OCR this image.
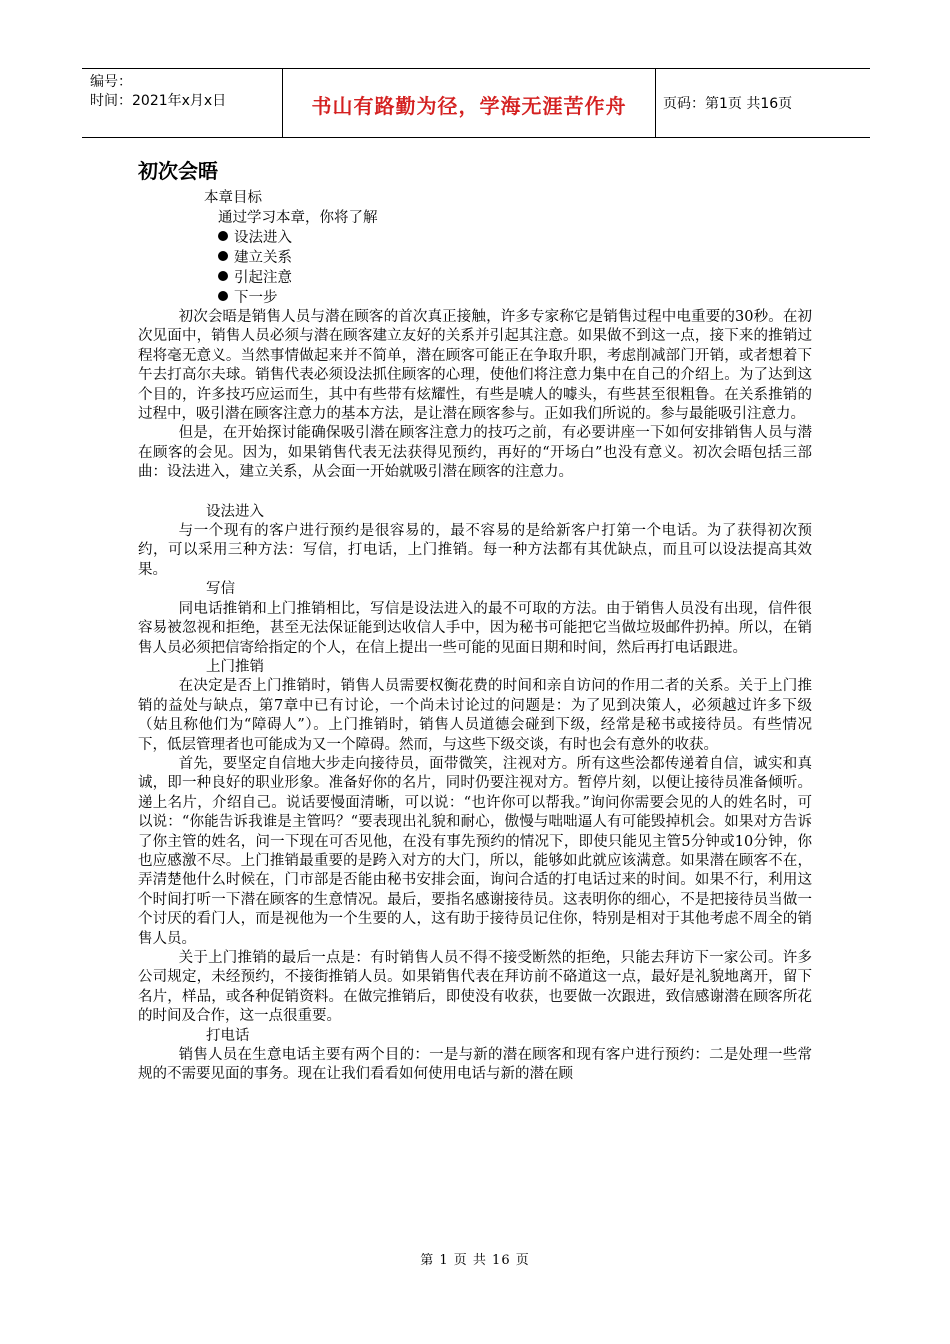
编号：
时间：2021年x月x日	书山有路勤为径，学海无涯苦作舟	页码：第1页 共16页
初次会晤

本章目标

通过学习本章，你将了解

设法进入
建立关系
引起注意
下一步

初次会晤是销售人员与潜在顾客的首次真正接触，许多专家称它是销售过程中电重要的30秒。在初次见面中，销售人员必须与潜在顾客建立友好的关系并引起其注意。如果做不到这一点，接下来的推销过程将毫无意义。当然事情做起来并不简单，潜在顾客可能正在争取升职，考虑削减部门开销，或者想着下午去打高尔夫球。销售代表必须设法抓住顾客的心理，使他们将注意力集中在自己的介绍上。为了达到这个目的，许多技巧应运而生，其中有些带有炫耀性，有些是唬人的噱头，有些甚至很粗鲁。在关系推销的过程中，吸引潜在顾客注意力的基本方法，是让潜在顾客参与。正如我们所说的。参与最能吸引注意力。

但是，在开始探讨能确保吸引潜在顾客注意力的技巧之前，有必要讲座一下如何安排销售人员与潜在顾客的会见。因为，如果销售代表无法获得见预约，再好的“开场白”也没有意义。初次会晤包括三部曲：设法进入，建立关系，从会面一开始就吸引潜在顾客的注意力。

设法进入

与一个现有的客户进行预约是很容易的，最不容易的是给新客户打第一个电话。为了获得初次预约，可以采用三种方法：写信，打电话，上门推销。每一种方法都有其优缺点，而且可以设法提高其效果。

写信

同电话推销和上门推销相比，写信是设法进入的最不可取的方法。由于销售人员没有出现，信件很容易被忽视和拒绝，甚至无法保证能到达收信人手中，因为秘书可能把它当做垃圾邮件扔掉。所以，在销售人员必须把信寄给指定的个人，在信上提出一些可能的见面日期和时间，然后再打电话跟进。

上门推销

在决定是否上门推销时，销售人员需要权衡花费的时间和亲自访问的作用二者的关系。关于上门推销的益处与缺点，第7章中已有讨论，一个尚未讨论过的问题是：为了见到决策人，必须越过许多下级（姑且称他们为“障碍人”）。上门推销时，销售人员道德会碰到下级，经常是秘书或接待员。有些情况下，低层管理者也可能成为又一个障碍。然而，与这些下级交谈，有时也会有意外的收获。

首先，要坚定自信地大步走向接待员，面带微笑，注视对方。所有这些浍都传递着自信，诚实和真诚，即一种良好的职业形象。准备好你的名片，同时仍要注视对方。暂停片刻，以便让接待员准备倾听。递上名片，介绍自己。说话要慢面清晰，可以说：“也许你可以帮我。”询问你需要会见的人的姓名时，可以说：“你能告诉我谁是主管吗？“要表现出礼貌和耐心，傲慢与咄咄逼人有可能毁掉机会。如果对方告诉了你主管的姓名，问一下现在可否见他，在没有事先预约的情况下，即使只能见主管5分钟或10分钟，你也应感激不尽。上门推销最重要的是跨入对方的大门，所以，能够如此就应该满意。如果潜在顾客不在，弄清楚他什么时候在，门市部是否能由秘书安排会面，询问合适的打电话过来的时间。如果不行，利用这个时间打听一下潜在顾客的生意情况。最后，要指名感谢接待员。这表明你的细心，不是把接待员当做一个讨厌的看门人，而是视他为一个生要的人，这有助于接待员记住你，特别是相对于其他考虑不周全的销售人员。

关于上门推销的最后一点是：有时销售人员不得不接受断然的拒绝，只能去拜访下一家公司。许多公司规定，未经预约，不接街推销人员。如果销售代表在拜访前不硌道这一点，最好是礼貌地离开，留下名片，样品，或各种促销资料。在做完推销后，即使没有收获，也要做一次跟进，致信感谢潜在顾客所花的时间及合作，这一点很重要。

打电话

销售人员在生意电话主要有两个目的：一是与新的潜在顾客和现有客户进行预约：二是处理一些常规的不需要见面的事务。现在让我们看看如何使用电话与新的潜在顾

第 1 页 共 16 页
